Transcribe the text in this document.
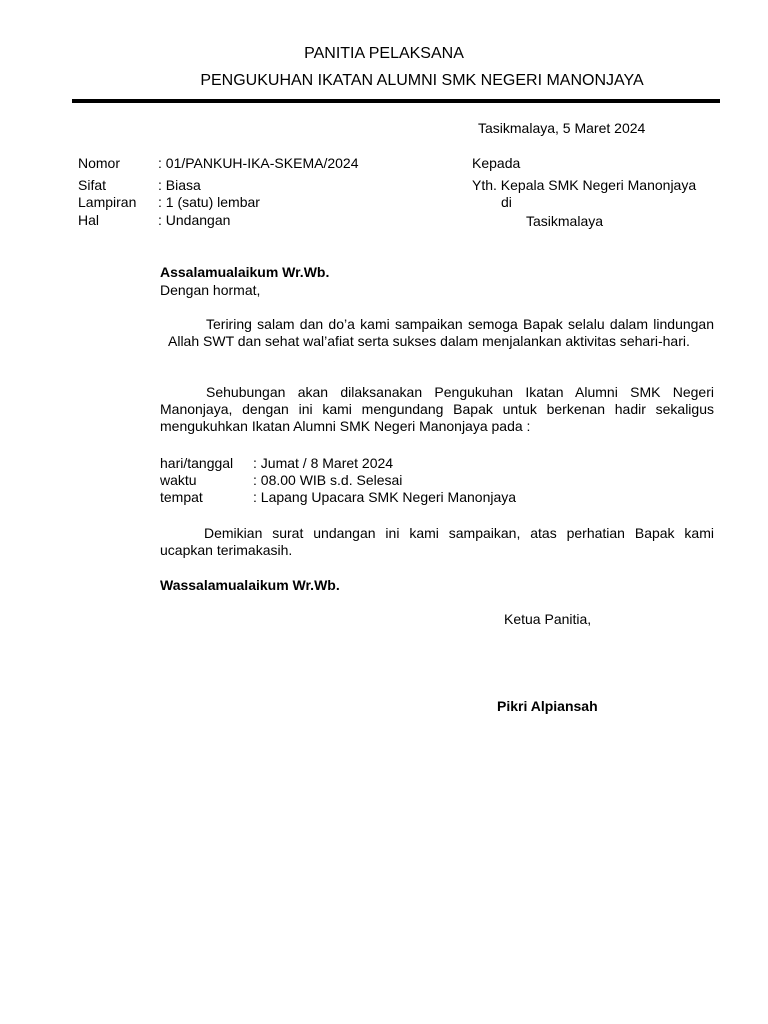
PANITIA PELAKSANA
PENGUKUHAN IKATAN ALUMNI SMK NEGERI MANONJAYA
Tasikmalaya, 5 Maret 2024
Nomor	: 01/PANKUH-IKA-SKEMA/2024
Sifat	: Biasa
Lampiran : 1 (satu) lembar
Hal	: Undangan
Kepada
Yth. Kepala SMK Negeri Manonjaya
di
Tasikmalaya
Assalamualaikum Wr.Wb.
Dengan hormat,
Teriring salam dan do’a kami sampaikan semoga Bapak selalu dalam lindungan Allah SWT dan sehat wal’afiat serta sukses dalam menjalankan aktivitas sehari-hari.
Sehubungan akan dilaksanakan Pengukuhan Ikatan Alumni SMK Negeri Manonjaya, dengan ini kami mengundang Bapak untuk berkenan hadir sekaligus mengukuhkan Ikatan Alumni SMK Negeri Manonjaya pada :
hari/tanggal : Jumat / 8 Maret 2024
waktu	: 08.00 WIB s.d. Selesai
tempat	: Lapang Upacara SMK Negeri Manonjaya
Demikian surat undangan ini kami sampaikan, atas perhatian Bapak kami ucapkan terimakasih.
Wassalamualaikum Wr.Wb.
Ketua Panitia,
Pikri Alpiansah
